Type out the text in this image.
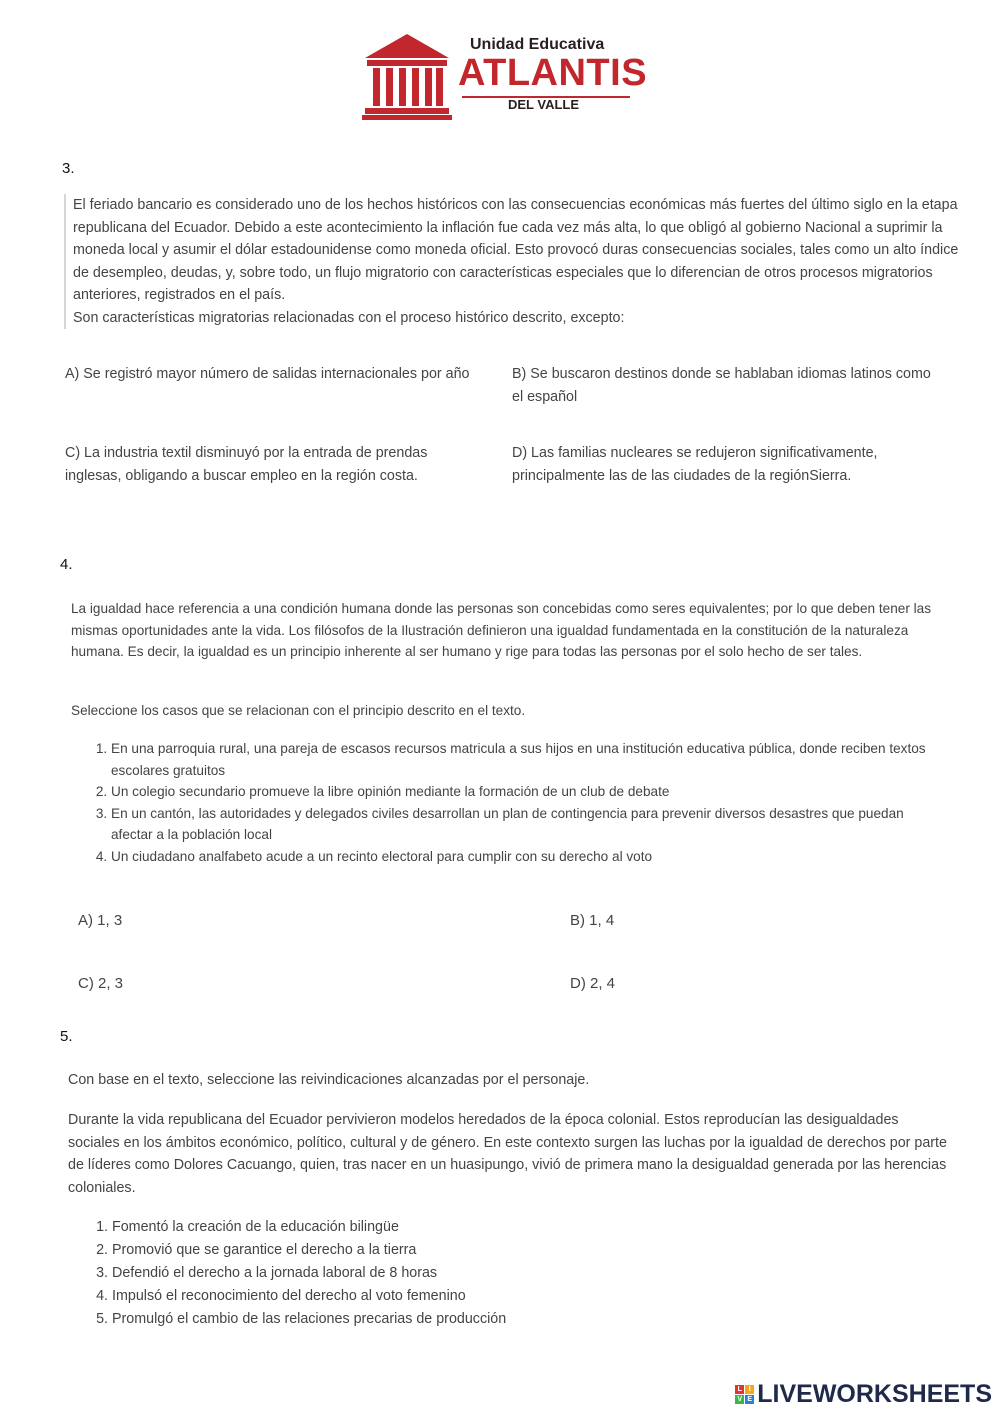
Unidad Educativa
ATLANTIS
DEL VALLE
3.
El feriado bancario es considerado uno de los hechos históricos con las consecuencias económicas más fuertes del último siglo en la etapa republicana del Ecuador. Debido a este acontecimiento la inflación fue cada vez más alta, lo que obligó al gobierno Nacional a suprimir la moneda local y asumir el dólar estadounidense como moneda oficial. Esto provocó duras consecuencias sociales, tales como un alto índice de desempleo, deudas, y, sobre todo, un flujo migratorio con características especiales que lo diferencian de otros procesos migratorios anteriores, registrados en el país.
Son características migratorias relacionadas con el proceso histórico descrito, excepto:
A) Se registró mayor número de salidas internacionales por año	B) Se buscaron destinos donde se hablaban idiomas latinos como el español
C) La industria textil disminuyó por la entrada de prendas inglesas, obligando a buscar empleo en la región costa.
D) Las familias nucleares se redujeron significativamente, principalmente las de las ciudades de la regiónSierra.
4.
La igualdad hace referencia a una condición humana donde las personas son concebidas como seres equivalentes; por lo que deben tener las mismas oportunidades ante la vida. Los filósofos de la Ilustración definieron una igualdad fundamentada en la constitución de la naturaleza humana. Es decir, la igualdad es un principio inherente al ser humano y rige para todas las personas por el solo hecho de ser tales.
Seleccione los casos que se relacionan con el principio descrito en el texto.
1. En una parroquia rural, una pareja de escasos recursos matricula a sus hijos en una institución educativa pública, donde reciben textos escolares gratuitos
2. Un colegio secundario promueve la libre opinión mediante la formación de un club de debate
3. En un cantón, las autoridades y delegados civiles desarrollan un plan de contingencia para prevenir diversos desastres que puedan afectar a la población local
4. Un ciudadano analfabeto acude a un recinto electoral para cumplir con su derecho al voto
A) 1, 3	B) 1, 4
C) 2, 3	D) 2, 4
5.
Con base en el texto, seleccione las reivindicaciones alcanzadas por el personaje.
Durante la vida republicana del Ecuador pervivieron modelos heredados de la época colonial. Estos reproducían las desigualdades sociales en los ámbitos económico, político, cultural y de género. En este contexto surgen las luchas por la igualdad de derechos por parte de líderes como Dolores Cacuango, quien, tras nacer en un huasipungo, vivió de primera mano la desigualdad generada por las herencias coloniales.
1. Fomentó la creación de la educación bilingüe
2. Promovió que se garantice el derecho a la tierra
3. Defendió el derecho a la jornada laboral de 8 horas
4. Impulsó el reconocimiento del derecho al voto femenino
5. Promulgó el cambio de las relaciones precarias de producción
L I
V E LIVEWORKSHEETS
